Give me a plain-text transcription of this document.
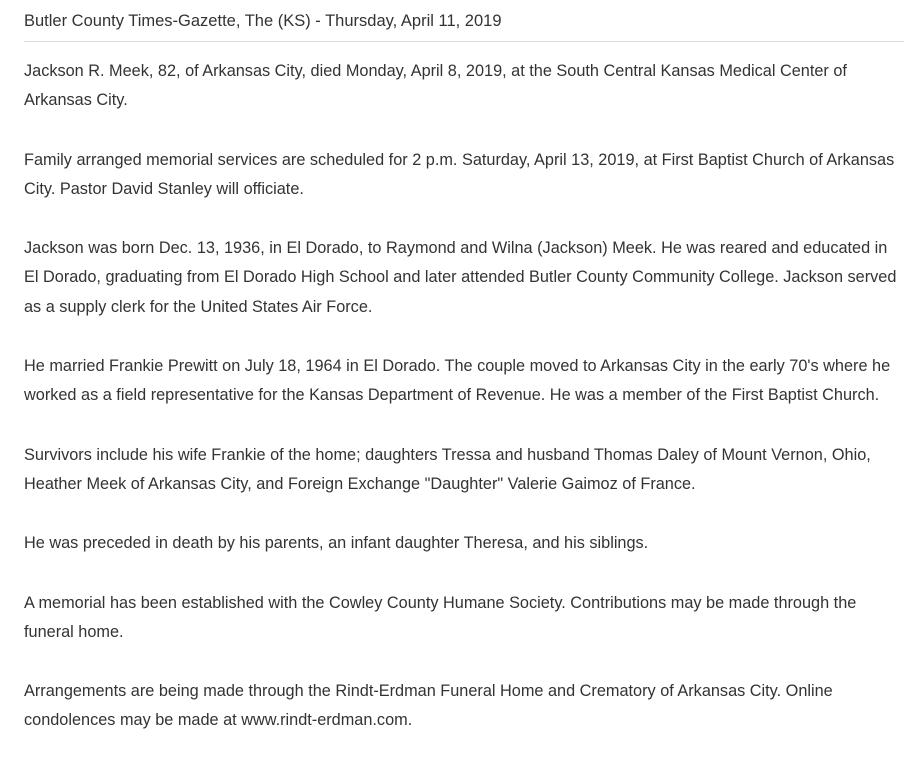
Butler County Times-Gazette, The (KS) - Thursday, April 11, 2019

Jackson R. Meek, 82, of Arkansas City, died Monday, April 8, 2019, at the South Central Kansas Medical Center of Arkansas City.

Family arranged memorial services are scheduled for 2 p.m. Saturday, April 13, 2019, at First Baptist Church of Arkansas City. Pastor David Stanley will officiate.

Jackson was born Dec. 13, 1936, in El Dorado, to Raymond and Wilna (Jackson) Meek. He was reared and educated in El Dorado, graduating from El Dorado High School and later attended Butler County Community College. Jackson served as a supply clerk for the United States Air Force.

He married Frankie Prewitt on July 18, 1964 in El Dorado. The couple moved to Arkansas City in the early 70's where he worked as a field representative for the Kansas Department of Revenue. He was a member of the First Baptist Church.

Survivors include his wife Frankie of the home; daughters Tressa and husband Thomas Daley of Mount Vernon, Ohio, Heather Meek of Arkansas City, and Foreign Exchange "Daughter" Valerie Gaimoz of France.

He was preceded in death by his parents, an infant daughter Theresa, and his siblings.

A memorial has been established with the Cowley County Humane Society. Contributions may be made through the funeral home.

Arrangements are being made through the Rindt-Erdman Funeral Home and Crematory of Arkansas City. Online condolences may be made at www.rindt-erdman.com.
